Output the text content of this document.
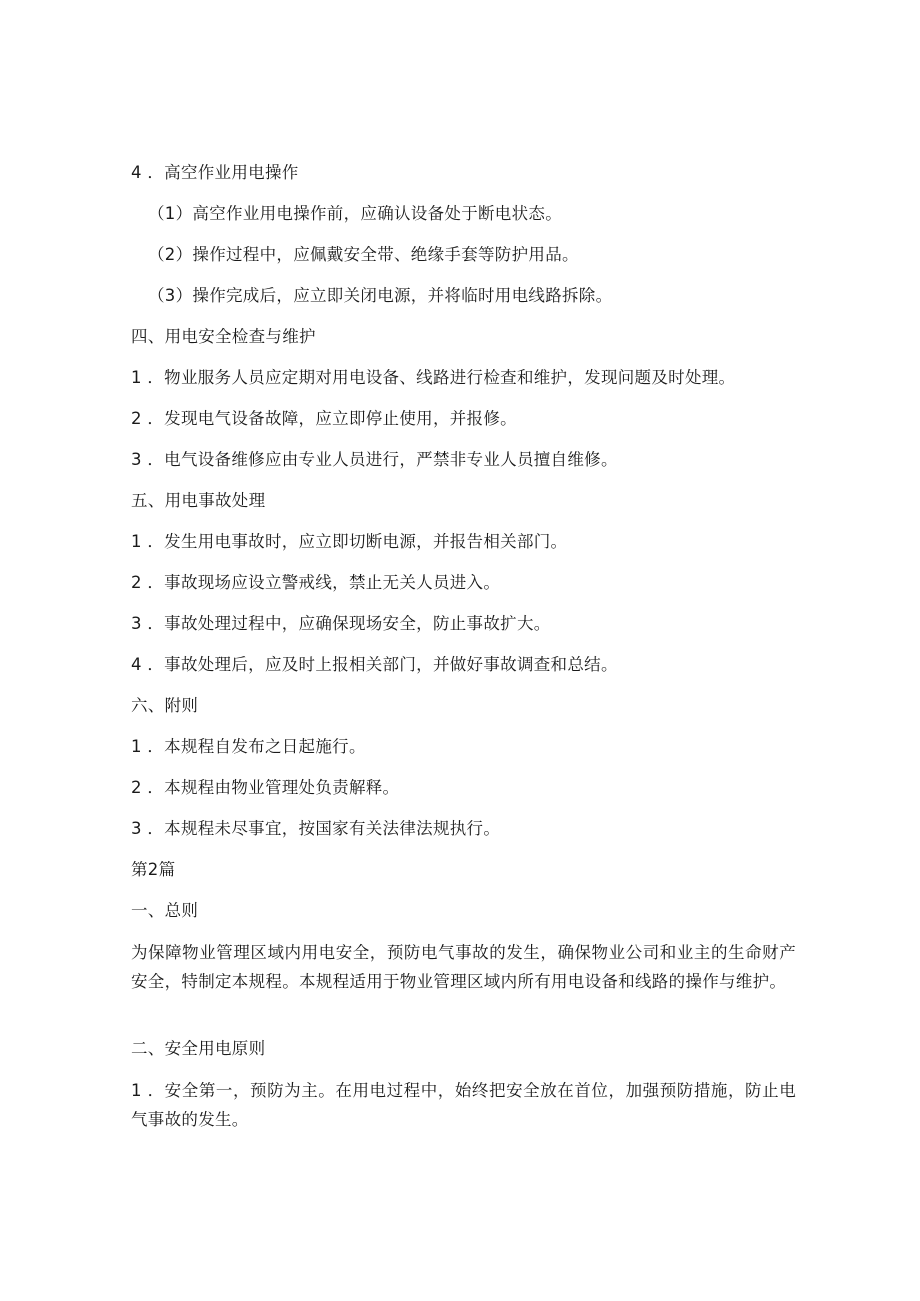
4 ．高空作业用电操作
（1）高空作业用电操作前，应确认设备处于断电状态。
（2）操作过程中，应佩戴安全带、绝缘手套等防护用品。
（3）操作完成后，应立即关闭电源，并将临时用电线路拆除。
四、用电安全检查与维护
1 ．物业服务人员应定期对用电设备、线路进行检查和维护，发现问题及时处理。
2 ．发现电气设备故障，应立即停止使用，并报修。
3 ．电气设备维修应由专业人员进行，严禁非专业人员擅自维修。
五、用电事故处理
1 ．发生用电事故时，应立即切断电源，并报告相关部门。
2 ．事故现场应设立警戒线，禁止无关人员进入。
3 ．事故处理过程中，应确保现场安全，防止事故扩大。
4 ．事故处理后，应及时上报相关部门，并做好事故调查和总结。
六、附则
1 ．本规程自发布之日起施行。
2 ．本规程由物业管理处负责解释。
3 ．本规程未尽事宜，按国家有关法律法规执行。
第2篇
一、总则
为保障物业管理区域内用电安全，预防电气事故的发生，确保物业公司和业主的生命财产安全，特制定本规程。本规程适用于物业管理区域内所有用电设备和线路的操作与维护。
二、安全用电原则
1 ．安全第一，预防为主。在用电过程中，始终把安全放在首位，加强预防措施，防止电气事故的发生。
